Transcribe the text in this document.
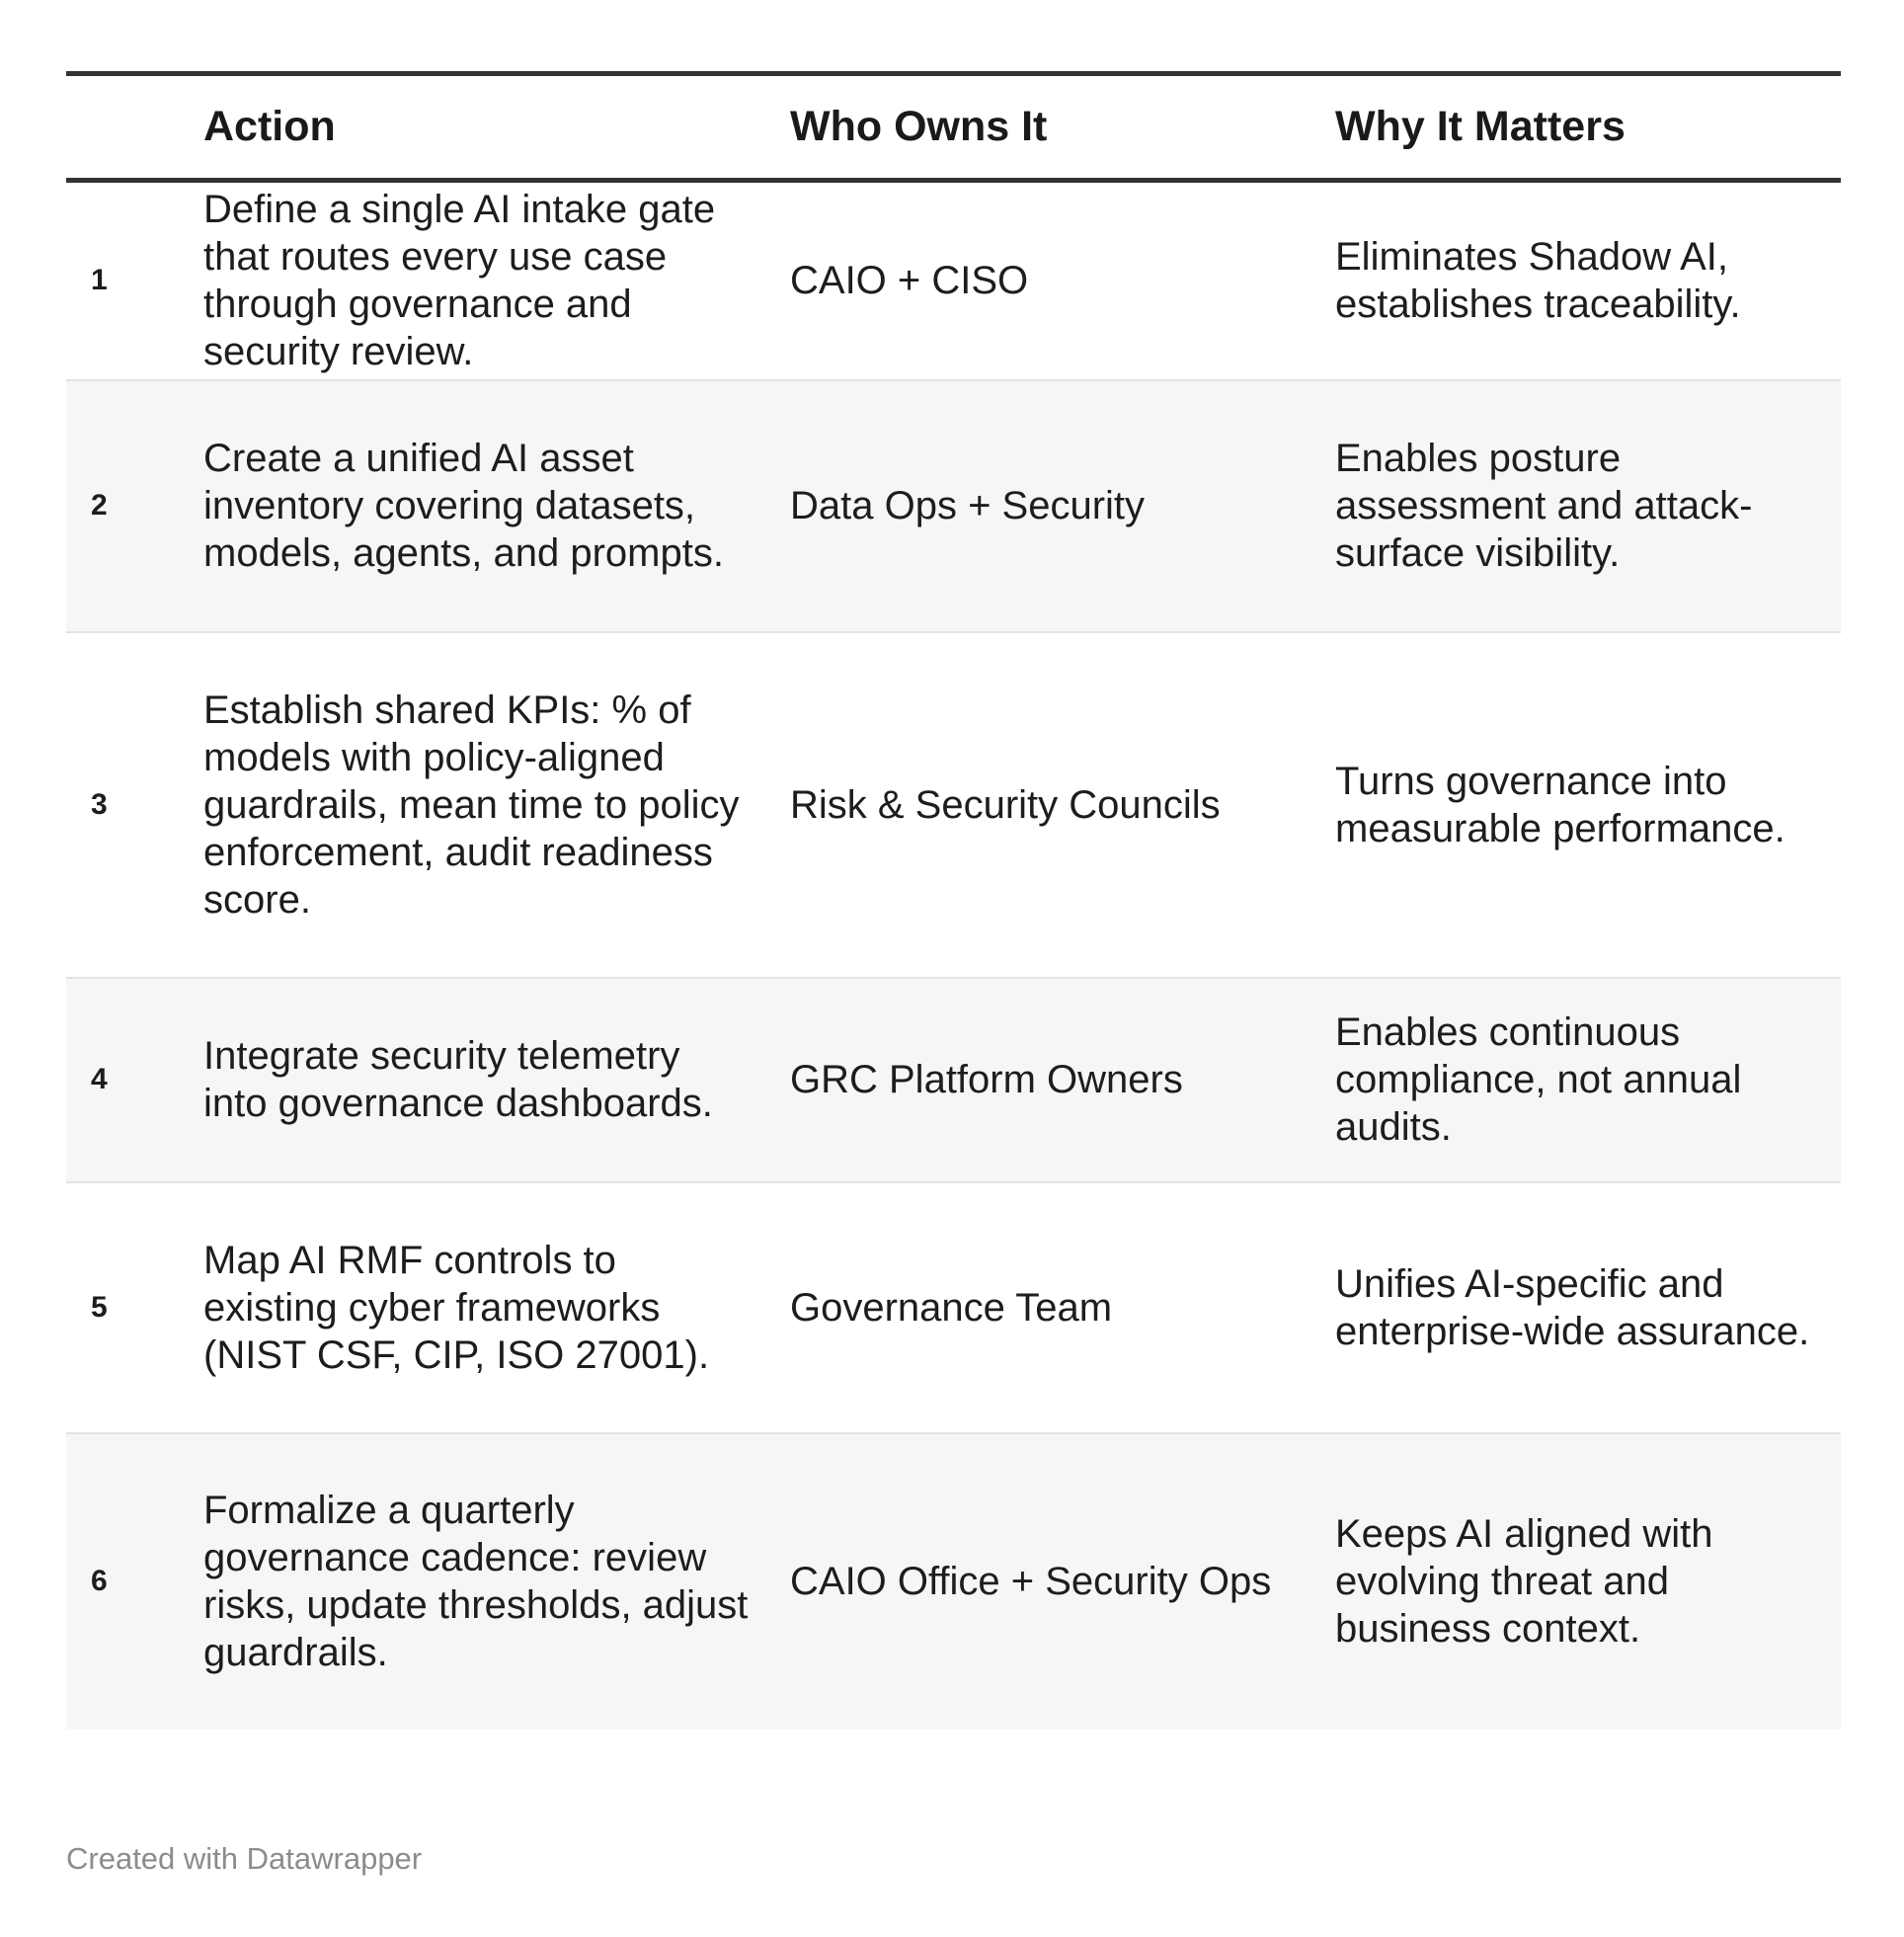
	Action	Who Owns It	Why It Matters
1	Define a single AI intake gate that routes every use case through governance and security review.	CAIO + CISO	Eliminates Shadow AI, establishes traceability.
2	Create a unified AI asset inventory covering datasets, models, agents, and prompts.	Data Ops + Security	Enables posture assessment and attack-surface visibility.
3	Establish shared KPIs: % of models with policy-aligned guardrails, mean time to policy enforcement, audit readiness score.	Risk & Security Councils	Turns governance into measurable performance.
4	Integrate security telemetry into governance dashboards.	GRC Platform Owners	Enables continuous compliance, not annual audits.
5	Map AI RMF controls to existing cyber frameworks (NIST CSF, CIP, ISO 27001).	Governance Team	Unifies AI-specific and enterprise-wide assurance.
6	Formalize a quarterly governance cadence: review risks, update thresholds, adjust guardrails.	CAIO Office + Security Ops	Keeps AI aligned with evolving threat and business context.
Created with Datawrapper
